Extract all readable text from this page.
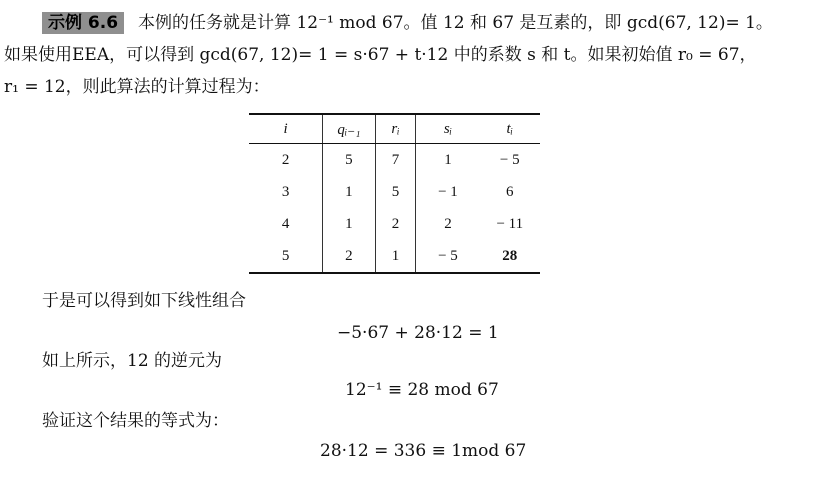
示例 6.6 本例的任务就是计算 12⁻¹ mod 67。值 12 和 67 是互素的，即 gcd(67, 12)= 1。
如果使用EEA，可以得到 gcd(67, 12)= 1 = s·67 + t·12 中的系数 s 和 t。如果初始值 r₀ = 67，
r₁ = 12，则此算法的计算过程为：
i	qᵢ₋₁	rᵢ	sᵢ	tᵢ
2	5	7	1	− 5
3	1	5	− 1	6
4	1	2	2	− 11
5	2	1	− 5	28
于是可以得到如下线性组合
−5·67 + 28·12 = 1
如上所示，12 的逆元为
12⁻¹ ≡ 28 mod 67
验证这个结果的等式为：
28·12 = 336 ≡ 1mod 67
